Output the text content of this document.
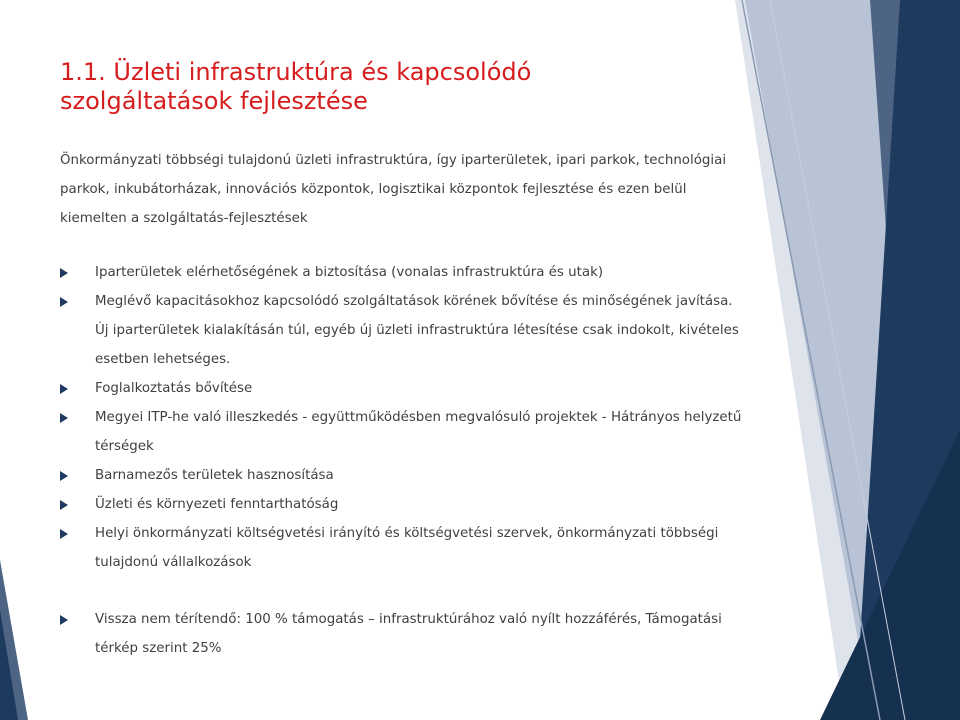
1.1. Üzleti infrastruktúra és kapcsolódó szolgáltatások fejlesztése

Önkormányzati többségi tulajdonú üzleti infrastruktúra, így iparterületek, ipari parkok, technológiai parkok, inkubátorházak, innovációs központok, logisztikai központok fejlesztése és ezen belül kiemelten a szolgáltatás-fejlesztések

Iparterületek elérhetőségének a biztosítása (vonalas infrastruktúra és utak)
Meglévő kapacitásokhoz kapcsolódó szolgáltatások körének bővítése és minőségének javítása. Új iparterületek kialakításán túl, egyéb új üzleti infrastruktúra létesítése csak indokolt, kivételes esetben lehetséges.
Foglalkoztatás bővítése
Megyei ITP-he való illeszkedés - együttműködésben megvalósuló projektek - Hátrányos helyzetű térségek
Barnamezős területek hasznosítása
Üzleti és környezeti fenntarthatóság
Helyi önkormányzati költségvetési irányító és költségvetési szervek, önkormányzati többségi tulajdonú vállalkozások
Vissza nem térítendő: 100 % támogatás – infrastruktúrához való nyílt hozzáférés, Támogatási térkép szerint 25%
